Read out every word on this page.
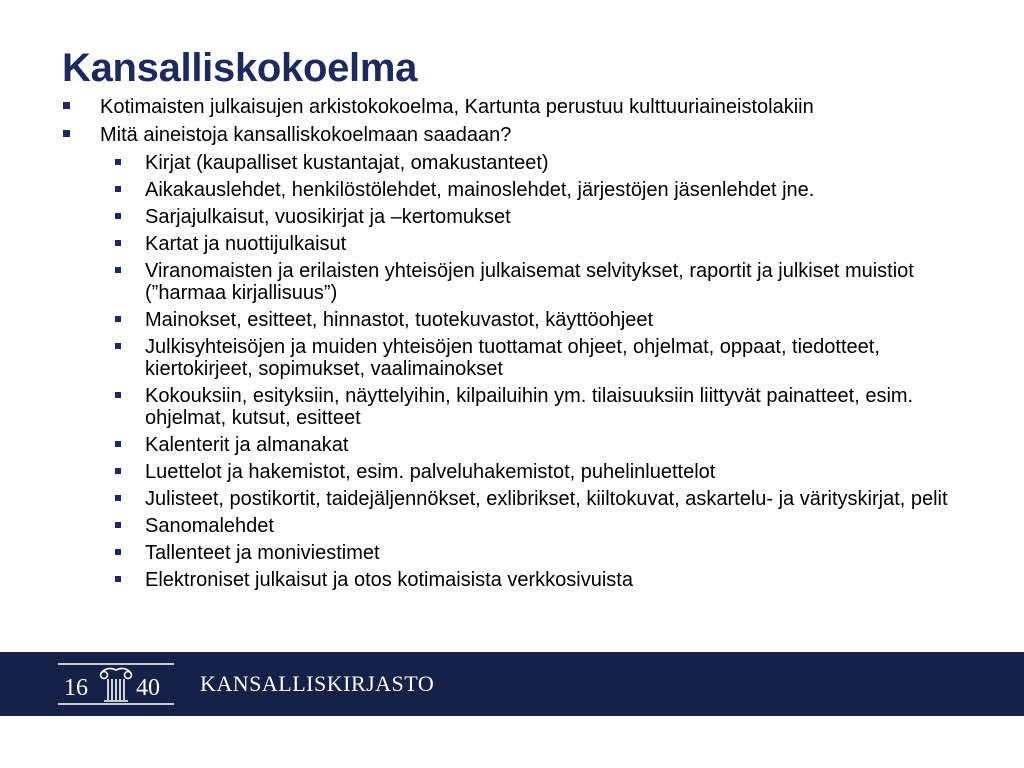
Kansalliskokoelma
Kotimaisten julkaisujen arkistokokoelma, Kartunta perustuu kulttuuriaineistolakiin
Mitä aineistoja kansalliskokoelmaan saadaan?
Kirjat (kaupalliset kustantajat, omakustanteet)
Aikakauslehdet, henkilöstölehdet, mainoslehdet, järjestöjen jäsenlehdet jne.
Sarjajulkaisut, vuosikirjat ja –kertomukset
Kartat ja nuottijulkaisut
Viranomaisten ja erilaisten yhteisöjen julkaisemat selvitykset, raportit ja julkiset muistiot (”harmaa kirjallisuus”)
Mainokset, esitteet, hinnastot, tuotekuvastot, käyttöohjeet
Julkisyhteisöjen ja muiden yhteisöjen tuottamat ohjeet, ohjelmat, oppaat, tiedotteet, kiertokirjeet, sopimukset, vaalimainokset
Kokouksiin, esityksiin, näyttelyihin, kilpailuihin ym. tilaisuuksiin liittyvät painatteet, esim. ohjelmat, kutsut, esitteet
Kalenterit ja almanakat
Luettelot ja hakemistot, esim. palveluhakemistot, puhelinluettelot
Julisteet, postikortit, taidejäljennökset, exlibrikset, kiiltokuvat, askartelu- ja värityskirjat, pelit
Sanomalehdet
Tallenteet ja moniviestimet
Elektroniset julkaisut ja otos kotimaisista verkkosivuista
16 40 KANSALLISKIRJASTO
